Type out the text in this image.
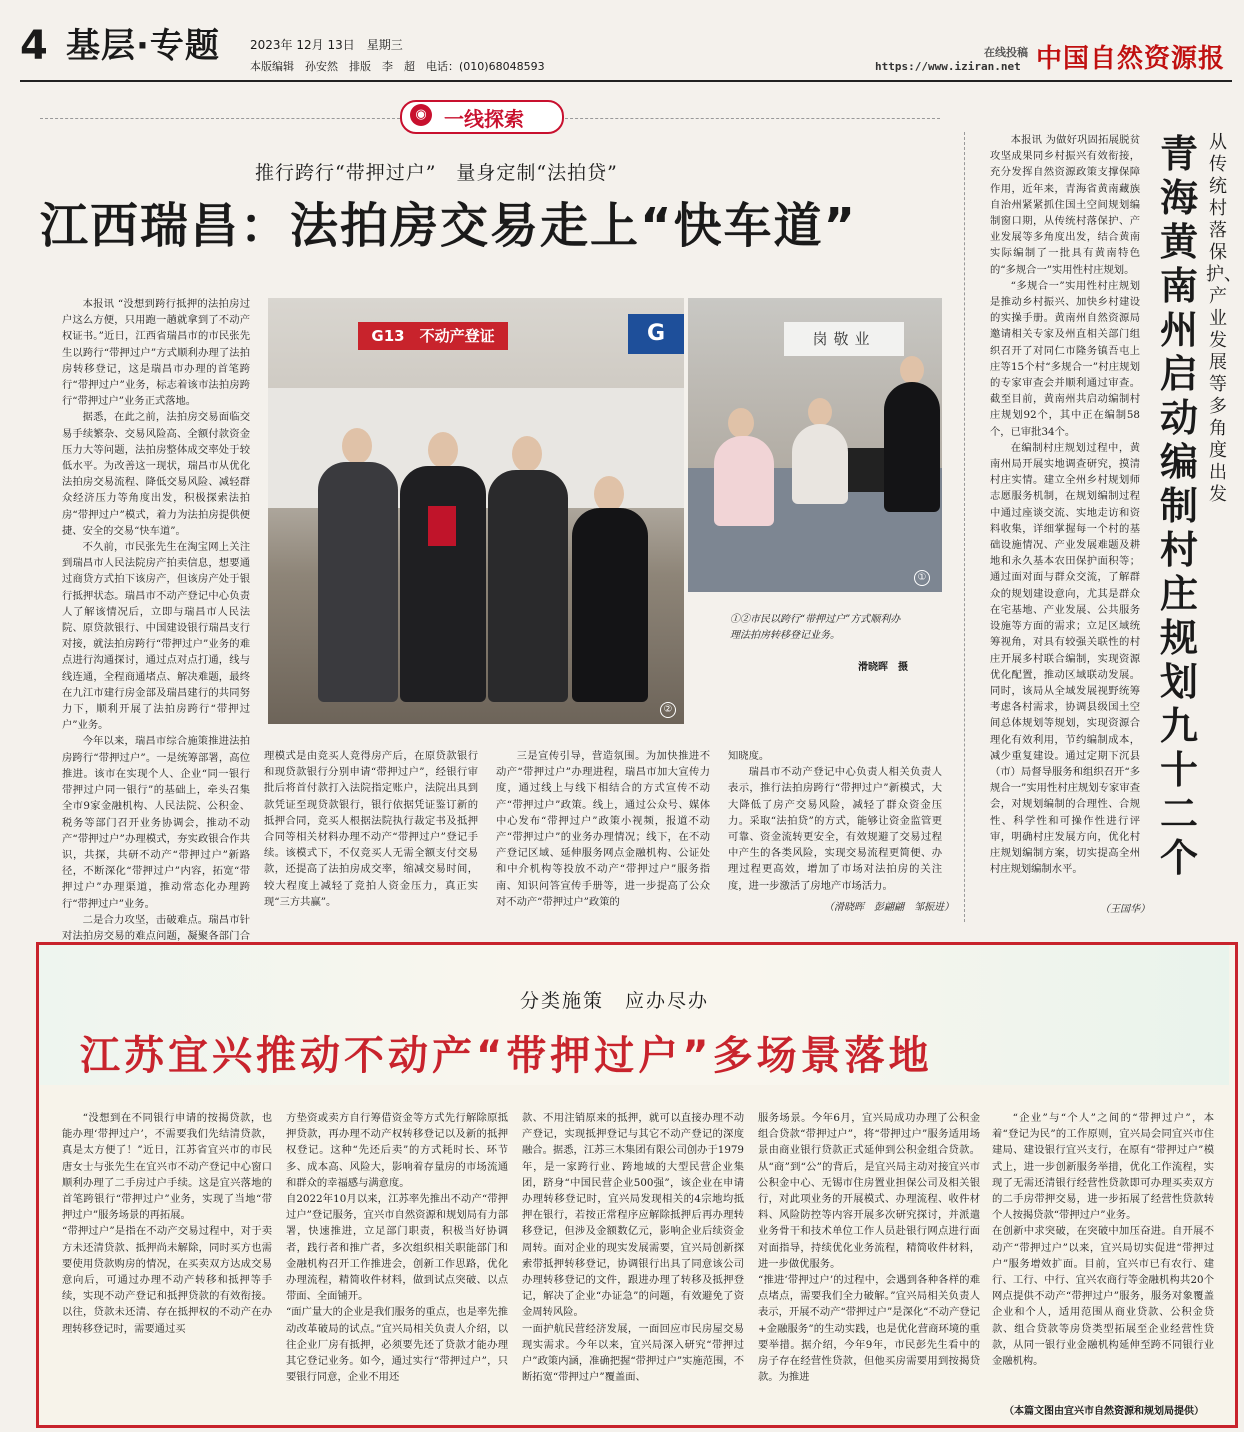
4 基层·专题	2023年 12月 13日　星期三
本版编辑　孙安然　排版　李　超　电话：(010)68048593
在线投稿
https://www.iziran.net 中国自然资源报
◉ 一线探索
推行跨行“带押过户”　量身定制“法拍贷”
江西瑞昌：法拍房交易走上“快车道”

本报讯 “没想到跨行抵押的法拍房过户这么方便，只用跑一趟就拿到了不动产权证书。”近日，江西省瑞昌市的市民张先生以跨行“带押过户”方式顺利办理了法拍房转移登记，这是瑞昌市办理的首笔跨行“带押过户”业务，标志着该市法拍房跨行“带押过户”业务正式落地。

据悉，在此之前，法拍房交易面临交易手续繁杂、交易风险高、全额付款资金压力大等问题，法拍房整体成交率处于较低水平。为改善这一现状，瑞昌市从优化法拍房交易流程、降低交易风险、减轻群众经济压力等角度出发，积极探索法拍房“带押过户”模式，着力为法拍房提供便捷、安全的交易“快车道”。

不久前，市民张先生在淘宝网上关注到瑞昌市人民法院房产拍卖信息，想要通过商贷方式拍下该房产，但该房产处于银行抵押状态。瑞昌市不动产登记中心负责人了解该情况后，立即与瑞昌市人民法院、原贷款银行、中国建设银行瑞昌支行对接，就法拍房跨行“带押过户”业务的难点进行沟通探讨，通过点对点打通，线与线连通，全程商通堵点、解决难题，最终在九江市建行房金部及瑞昌建行的共同努力下，顺利开展了法拍房跨行“带押过户”业务。

今年以来，瑞昌市综合施策推进法拍房跨行“带押过户”。一是统筹部署，高位推进。该市在实现个人、企业“同一银行带押过户同一银行”的基础上，牵头召集全市9家金融机构、人民法院、公积金、税务等部门召开业务协调会，推动不动产“带押过户”办理模式，夯实政银合作共识，共探，共研不动产“带押过户”新路径，不断深化“带押过户”内容，拓宽“带押过户”办理渠道，推动常态化办理跨行“带押过户”业务。

二是合力攻坚，击破难点。瑞昌市针对法拍房交易的难点问题，凝聚各部门合

G13　不动产登证	G
②
岗敬业
①
①②市民以跨行“带押过户”方式顺利办理法拍房转移登记业务。
滑晓晖　摄

理模式是由竞买人竞得房产后，在原贷款银行和现贷款银行分别申请“带押过户”，经银行审批后将首付款打入法院指定账户，法院出具到款凭证至现贷款银行，银行依据凭证鉴订新的抵押合同，竞买人根据法院执行裁定书及抵押合同等相关材料办理不动产“带押过户”登记手续。该模式下，不仅竞买人无需全额支付交易款，还提高了法拍房成交率，缩减交易时间，较大程度上减轻了竞拍人资金压力，真正实现“三方共赢”。

三是宣传引导，营造氛围。为加快推进不动产“带押过户”办理进程，瑞昌市加大宣传力度，通过线上与线下相结合的方式宣传不动产“带押过户”政策。线上，通过公众号、媒体中心发布“带押过户”政策小视频，报道不动产“带押过户”的业务办理情况；线下，在不动产登记区域、延伸服务网点金融机构、公证处和中介机构等投放不动产“带押过户”服务指南、知识问答宣传手册等，进一步提高了公众对不动产“带押过户”政策的

知晓度。

瑞昌市不动产登记中心负责人相关负责人表示，推行法拍房跨行“带押过户”新模式，大大降低了房产交易风险，减轻了群众资金压力。采取“法拍贷”的方式，能够让资金监管更可靠、资金流转更安全，有效规避了交易过程中产生的各类风险，实现交易流程更简便、办理过程更高效，增加了市场对法拍房的关注度，进一步激活了房地产市场活力。

（滑晓晖　彭翩翩　邹振进）

本报讯 为做好巩固拓展脱贫攻坚成果同乡村振兴有效衔接，充分发挥自然资源政策支撑保障作用，近年来，青海省黄南藏族自治州紧紧抓住国土空间规划编制窗口期，从传统村落保护、产业发展等多角度出发，结合黄南实际编制了一批具有黄南特色的“多规合一”实用性村庄规划。

“多规合一”实用性村庄规划是推动乡村振兴、加快乡村建设的实操手册。黄南州自然资源局邀请相关专家及州直相关部门组织召开了对同仁市隆务镇吾屯上庄等15个村“多规合一”村庄规划的专家审查会并顺利通过审查。截至目前，黄南州共启动编制村庄规划92个，其中正在编制58个，已审批34个。

在编制村庄规划过程中，黄南州局开展实地调查研究，摸清村庄实情。建立全州乡村规划师志愿服务机制，在规划编制过程中通过座谈交流、实地走访和资料收集，详细掌握每一个村的基础设施情况、产业发展难题及耕地和永久基本农田保护面积等；通过面对面与群众交流，了解群众的规划建设意向，尤其是群众在宅基地、产业发展、公共服务设施等方面的需求；立足区域统筹视角，对具有较强关联性的村庄开展多村联合编制，实现资源优化配置，推动区域联动发展。同时，该局从全域发展视野统筹考虑各村需求，协调县级国土空间总体规划等规划，实现资源合理化有效利用，节约编制成本，减少重复建设。通过定期下沉县（市）局督导服务和组织召开“多规合一”实用性村庄规划专家审查会，对规划编制的合理性、合规性、科学性和可操作性进行评审，明确村庄发展方向，优化村庄规划编制方案，切实提高全州村庄规划编制水平。

青海黄南州启动编制村庄规划九十二个
从传统村落保护、产业发展等多角度出发
（王国华）
分类施策　应办尽办
江苏宜兴推动不动产“带押过户”多场景落地

“没想到在不同银行申请的按揭贷款，也能办理‘带押过户’，不需要我们先结清贷款，真是太方便了！”近日，江苏省宜兴市的市民唐女士与张先生在宜兴市不动产登记中心窗口顺利办理了二手房过户手续。这是宜兴落地的首笔跨银行“带押过户”业务，实现了当地“带押过户”服务场景的再拓展。
“带押过户”是指在不动产交易过程中，对于卖方未还清贷款、抵押尚未解除，同时买方也需要使用贷款购房的情况，在买卖双方达成交易意向后，可通过办理不动产转移和抵押等手续，实现不动产登记和抵押贷款的有效衔接。以往，贷款未还清、存在抵押权的不动产在办理转移登记时，需要通过买

方垫资或卖方自行筹借资金等方式先行解除原抵押贷款，再办理不动产权转移登记以及新的抵押权登记。这种“先还后卖”的方式耗时长、环节多、成本高、风险大，影响着存量房的市场流通和群众的幸福感与满意度。
自2022年10月以来，江苏率先推出不动产“带押过户”登记服务，宜兴市自然资源和规划局有力部署，快速推进，立足部门职责，积极当好协调者，践行者和推广者，多次组织相关职能部门和金融机构召开工作推进会，创新工作思路，优化办理流程，精简收件材料，做到试点突破、以点带面、全面铺开。
“面广量大的企业是我们服务的重点，也是率先推动改革破局的试点。”宜兴局相关负责人介绍，以往企业厂房有抵押，必须要先还了贷款才能办理其它登记业务。如今，通过实行“带押过户”，只要银行同意，企业不用还

款、不用注销原来的抵押，就可以直接办理不动产登记，实现抵押登记与其它不动产登记的深度融合。据悉，江苏三木集团有限公司创办于1979年，是一家跨行业、跨地域的大型民营企业集团，跻身“中国民营企业500强”，该企业在申请办理转移登记时，宜兴局发现相关的4宗地均抵押在银行，若按正常程序应解除抵押后再办理转移登记，但涉及金额数亿元，影响企业后续资金周转。面对企业的现实发展需要，宜兴局创新探索带抵押转移登记，协调银行出具了同意该公司办理转移登记的文件，跟进办理了转移及抵押登记，解决了企业“办证急”的问题，有效避免了资金周转风险。
一面护航民营经济发展，一面回应市民房屋交易现实需求。今年以来，宜兴局深入研究“带押过户”政策内涵，准确把握“带押过户”实施范围，不断拓宽“带押过户”覆盖面、

服务场景。今年6月，宜兴局成功办理了公积金组合贷款“带押过户”，将“带押过户”服务适用场景由商业银行贷款正式延伸到公积金组合贷款。从“商”到“公”的背后，是宜兴局主动对接宜兴市公积金中心、无锡市住房置业担保公司及相关银行，对此项业务的开展模式、办理流程、收件材料、风险防控等内容开展多次研究探讨，并派遣业务骨干和技术单位工作人员赴银行网点进行面对面指导，持续优化业务流程，精简收件材料，进一步做优服务。
“推进‘带押过户’的过程中，会遇到各种各样的难点堵点，需要我们全力破解。”宜兴局相关负责人表示，开展不动产“带押过户”是深化“不动产登记+金融服务”的生动实践，也是优化营商环境的重要举措。据介绍，今年9年，市民彭先生看中的房子存在经营性贷款，但他买房需要用到按揭贷款。为推进

“企业”与“个人”之间的“带押过户”，本着“登记为民”的工作原则，宜兴局会同宜兴市住建局、建设银行宜兴支行，在原有“带押过户”模式上，进一步创新服务举措，优化工作流程，实现了无需还清银行经营性贷款即可办理买卖双方的二手房带押交易，进一步拓展了经营性贷款转个人按揭贷款“带押过户”业务。
在创新中求突破，在突破中加压奋进。自开展不动产“带押过户”以来，宜兴局切实促进“带押过户”服务增效扩面。目前，宜兴市已有农行、建行、工行、中行、宜兴农商行等金融机构共20个网点提供不动产“带押过户”服务，服务对象覆盖企业和个人，适用范围从商业贷款、公积金贷款、组合贷款等房贷类型拓展至企业经营性贷款，从同一银行业金融机构延伸至跨不同银行业金融机构。

（本篇文图由宜兴市自然资源和规划局提供）
